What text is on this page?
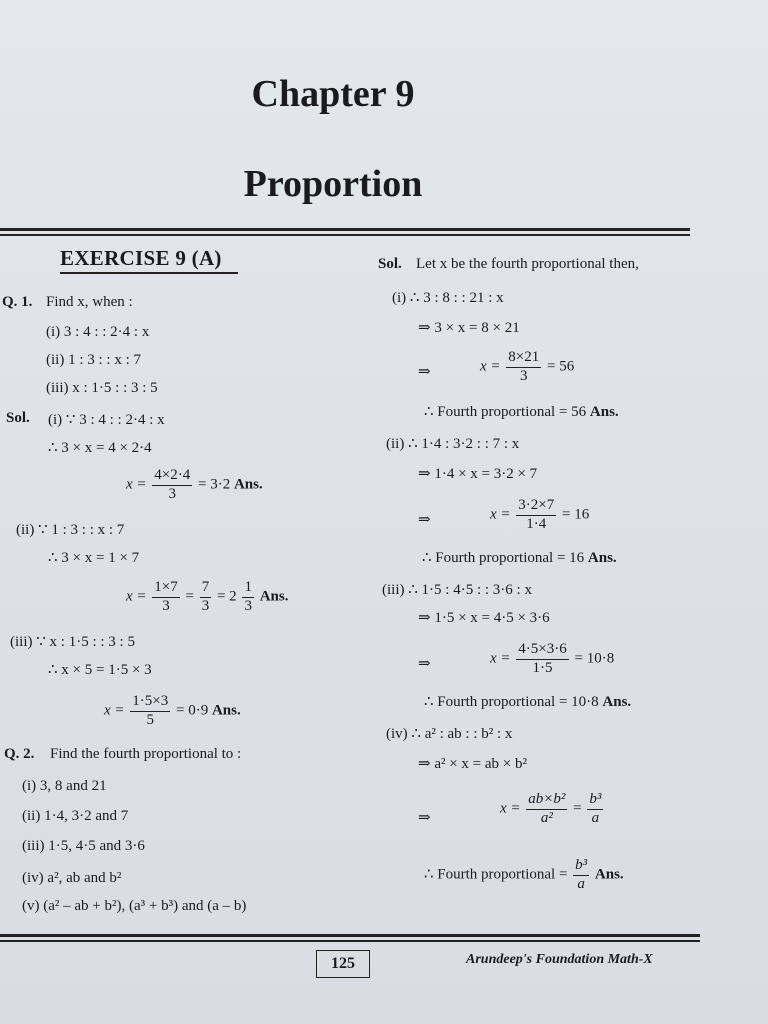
Chapter 9
Proportion
EXERCISE 9 (A)
Q. 1. Find x, when :
(i) 3 : 4 : : 2·4 : x
(ii) 1 : 3 : : x : 7
(iii) x : 1·5 : : 3 : 5
Sol. (i) ∵ 3 : 4 : : 2·4 : x
∴ 3 × x = 4 × 2·4
$x = \frac{4\times 2\cdot 4}{3} = 3\cdot 2$ Ans.
(ii) ∵ 1 : 3 : : x : 7
∴ 3 × x = 1 × 7
$x = \frac{1\times 7}{3} = \frac{7}{3} = 2 \frac{1}{3}$ Ans.
(iii) ∵ x : 1·5 : : 3 : 5
∴ x × 5 = 1·5 × 3
$x = \frac{1\cdot 5\times 3}{5} = 0\cdot 9$ Ans.
Q. 2. Find the fourth proportional to :
(i) 3, 8 and 21
(ii) 1·4, 3·2 and 7
(iii) 1·5, 4·5 and 3·6
(iv) a², ab and b²
(v) (a² – ab + b²), (a³ + b³) and (a – b)
Sol. Let x be the fourth proportional then,
(i) ∴ 3 : 8 : : 21 : x
⇒ 3 × x = 8 × 21
⇒	$x = \frac{8\times 21}{3} = 56$
∴ Fourth proportional = 56 Ans.
(ii) ∴ 1·4 : 3·2 : : 7 : x
⇒ 1·4 × x = 3·2 × 7
⇒	$x = \frac{3\cdot 2\times 7}{1\cdot 4} = 16$
∴ Fourth proportional = 16 Ans.
(iii) ∴ 1·5 : 4·5 : : 3·6 : x
⇒ 1·5 × x = 4·5 × 3·6
⇒	$x = \frac{4\cdot 5\times 3\cdot 6}{1\cdot 5} = 10\cdot 8$
∴ Fourth proportional = 10·8 Ans.
(iv) ∴ a² : ab : : b² : x
⇒ a² × x = ab × b²
⇒
$x = \frac{\text{ab×b²}}{\text{a²}} = \frac{\text{b³}}{a}$
∴ Fourth proportional = $\frac{\text{b³}}{a}$ Ans.
125	Arundeep's Foundation Math-X
